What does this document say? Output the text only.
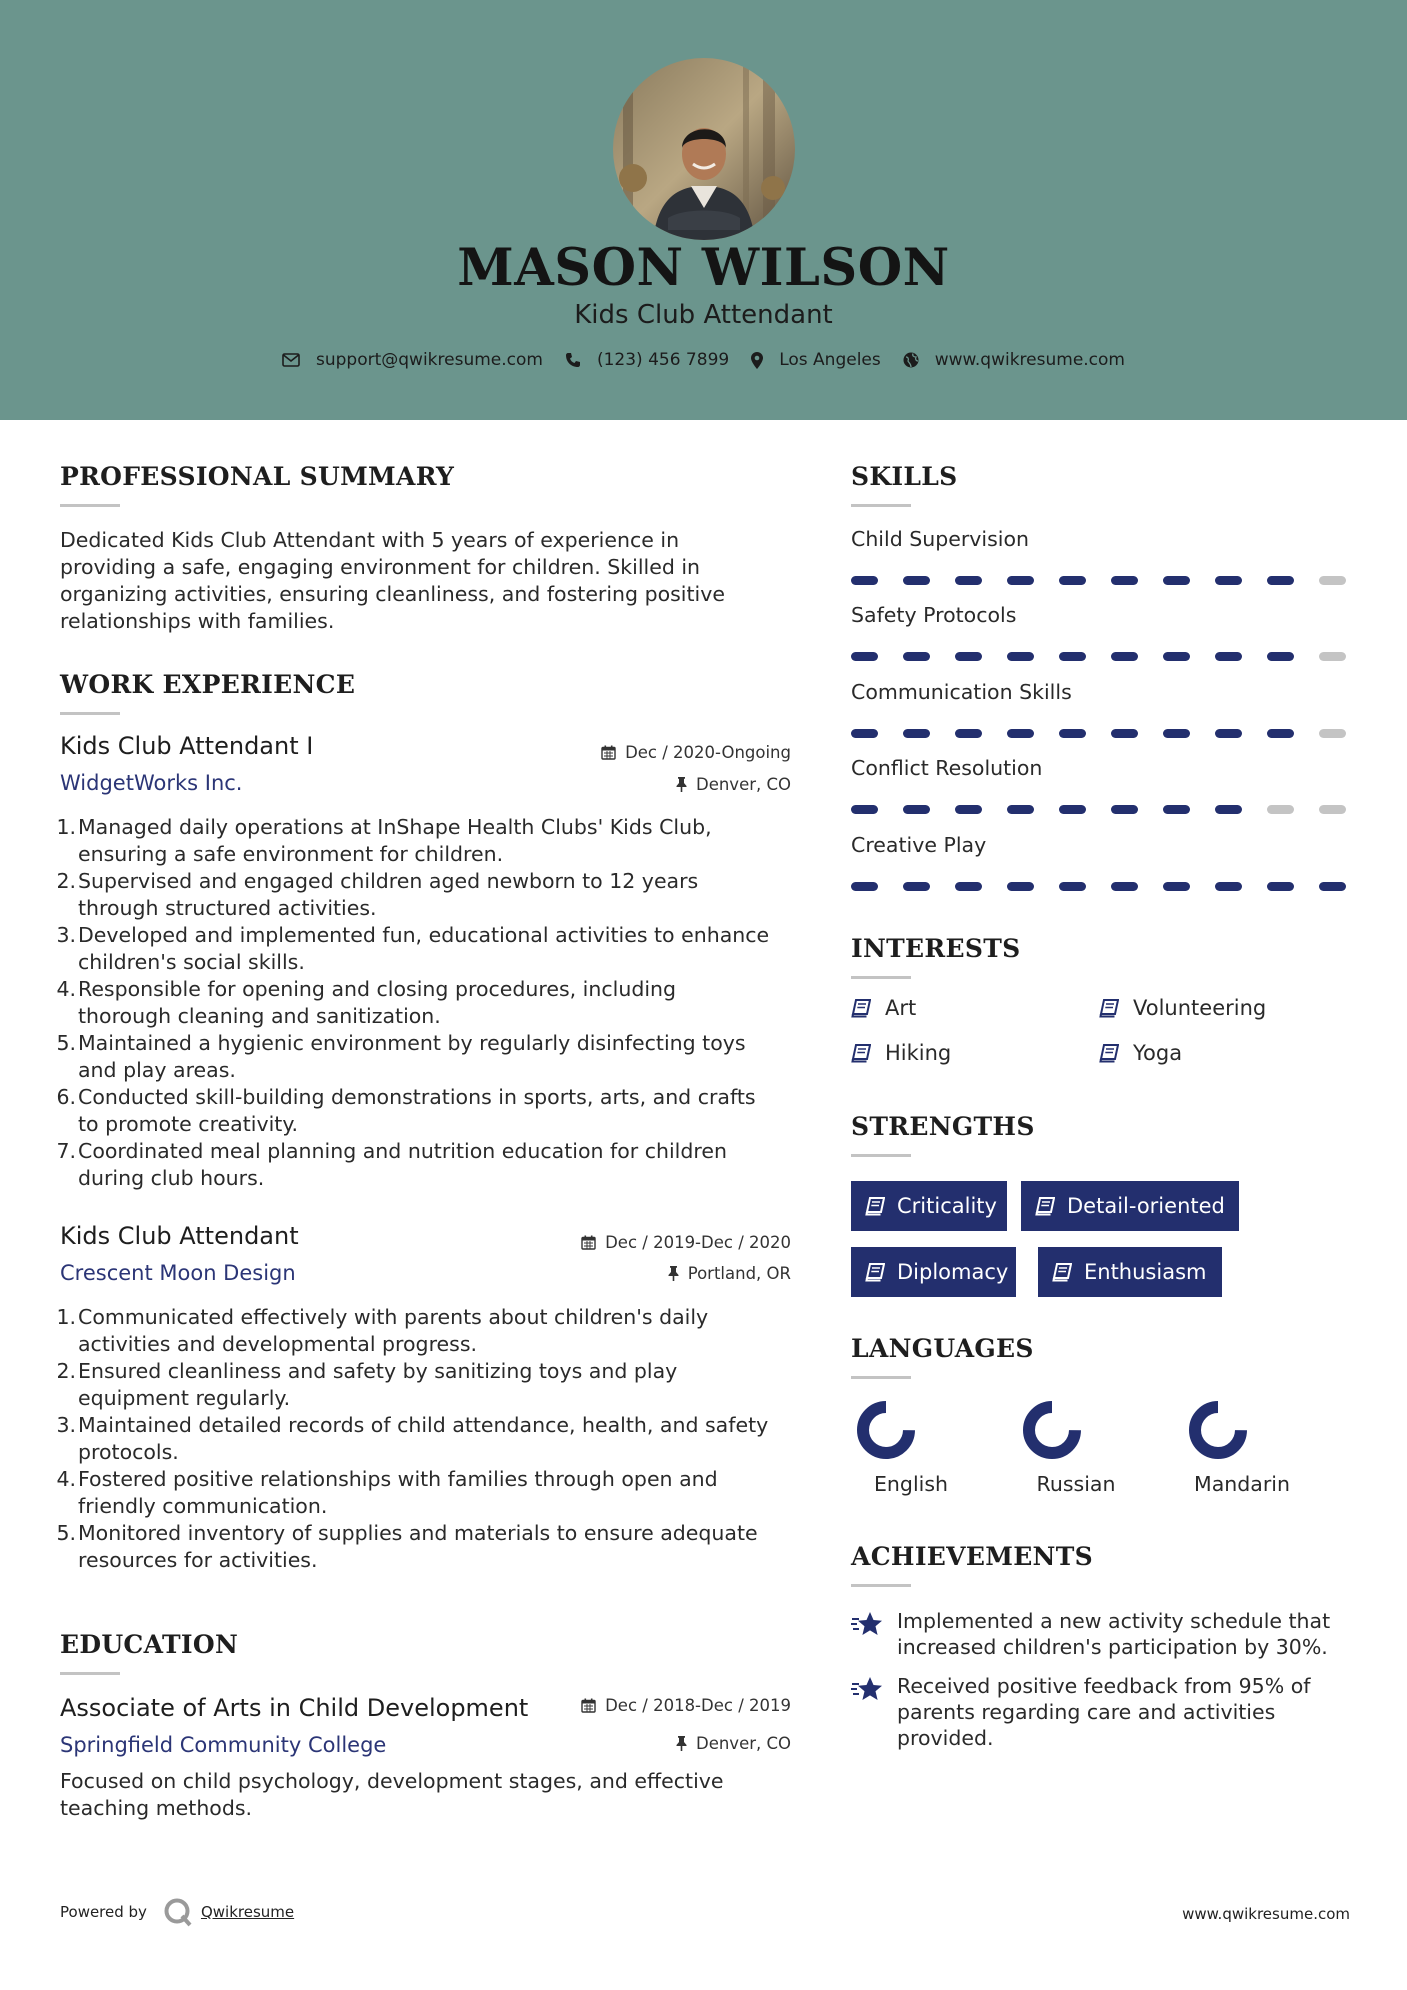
MASON WILSON
Kids Club Attendant
support@qwikresume.com	(123) 456 7899	Los Angeles	www.qwikresume.com
PROFESSIONAL SUMMARY
Dedicated Kids Club Attendant with 5 years of experience in
providing a safe, engaging environment for children. Skilled in
organizing activities, ensuring cleanliness, and fostering positive
relationships with families.
WORK EXPERIENCE
Kids Club Attendant I	Dec / 2020-Ongoing
WidgetWorks Inc.	Denver, CO
1. Managed daily operations at InShape Health Clubs' Kids Club,
ensuring a safe environment for children.
2. Supervised and engaged children aged newborn to 12 years
through structured activities.
3. Developed and implemented fun, educational activities to enhance
children's social skills.
4. Responsible for opening and closing procedures, including
thorough cleaning and sanitization.
5. Maintained a hygienic environment by regularly disinfecting toys
and play areas.
6. Conducted skill-building demonstrations in sports, arts, and crafts
to promote creativity.
7. Coordinated meal planning and nutrition education for children
during club hours.
Kids Club Attendant	Dec / 2019-Dec / 2020
Crescent Moon Design	Portland, OR
1. Communicated effectively with parents about children's daily
activities and developmental progress.
2. Ensured cleanliness and safety by sanitizing toys and play
equipment regularly.
3. Maintained detailed records of child attendance, health, and safety
protocols.
4. Fostered positive relationships with families through open and
friendly communication.
5. Monitored inventory of supplies and materials to ensure adequate
resources for activities.
EDUCATION
Associate of Arts in Child Development	Dec / 2018-Dec / 2019
Springfield Community College	Denver, CO
Focused on child psychology, development stages, and effective
teaching methods.
SKILLS
Child Supervision
Safety Protocols
Communication Skills
Conflict Resolution
Creative Play
INTERESTS
Art	Volunteering
Hiking	Yoga
STRENGTHS
Criticality	Detail-oriented
Diplomacy	Enthusiasm
LANGUAGES
English	Russian	Mandarin
ACHIEVEMENTS
Implemented a new activity schedule that
increased children's participation by 30%.
Received positive feedback from 95% of
parents regarding care and activities
provided.
Powered by	Qwikresume	www.qwikresume.com
